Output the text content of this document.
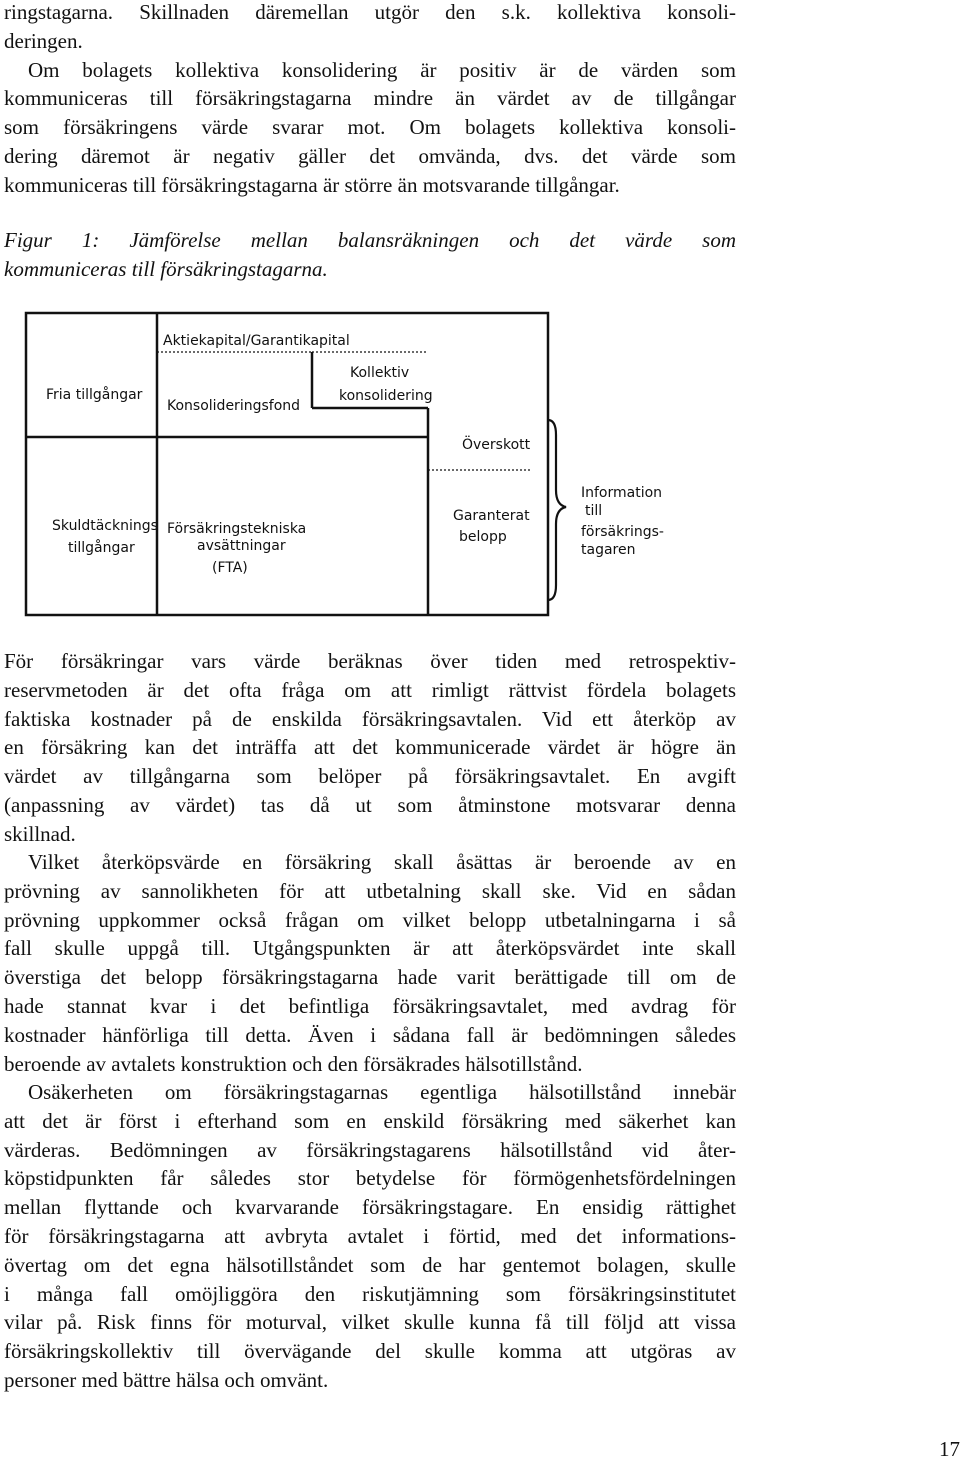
ringstagarna. Skillnaden däremellan utgör den s.k. kollektiva konsoli-
deringen.
Om bolagets kollektiva konsolidering är positiv är de värden som
kommuniceras till försäkringstagarna mindre än värdet av de tillgångar
som försäkringens värde svarar mot. Om bolagets kollektiva konsoli-
dering däremot är negativ gäller det omvända, dvs. det värde som
kommuniceras till försäkringstagarna är större än motsvarande tillgångar.
Figur 1: Jämförelse mellan balansräkningen och det värde som
kommuniceras till försäkringstagarna.
Aktiekapital/Garantikapital
Fria tillgångar
Konsolideringsfond
Kollektiv
konsolidering
Överskott
Skuldtäcknings
tillgångar
Försäkringstekniska
avsättningar
(FTA)
Garanterat
belopp
Information
till
försäkrings-
tagaren
För försäkringar vars värde beräknas över tiden med retrospektiv-
reservmetoden är det ofta fråga om att rimligt rättvist fördela bolagets
faktiska kostnader på de enskilda försäkringsavtalen. Vid ett återköp av
en försäkring kan det inträffa att det kommunicerade värdet är högre än
värdet av tillgångarna som belöper på försäkringsavtalet. En avgift
(anpassning av värdet) tas då ut som åtminstone motsvarar denna
skillnad.
Vilket återköpsvärde en försäkring skall åsättas är beroende av en
prövning av sannolikheten för att utbetalning skall ske. Vid en sådan
prövning uppkommer också frågan om vilket belopp utbetalningarna i så
fall skulle uppgå till. Utgångspunkten är att återköpsvärdet inte skall
överstiga det belopp försäkringstagarna hade varit berättigade till om de
hade stannat kvar i det befintliga försäkringsavtalet, med avdrag för
kostnader hänförliga till detta. Även i sådana fall är bedömningen således
beroende av avtalets konstruktion och den försäkrades hälsotillstånd.
Osäkerheten om försäkringstagarnas egentliga hälsotillstånd innebär
att det är först i efterhand som en enskild försäkring med säkerhet kan
värderas. Bedömningen av försäkringstagarens hälsotillstånd vid åter-
köpstidpunkten får således stor betydelse för förmögenhetsfördelningen
mellan flyttande och kvarvarande försäkringstagare. En ensidig rättighet
för försäkringstagarna att avbryta avtalet i förtid, med det informations-
övertag om det egna hälsotillståndet som de har gentemot bolagen, skulle
i många fall omöjliggöra den riskutjämning som försäkringsinstitutet
vilar på. Risk finns för moturval, vilket skulle kunna få till följd att vissa
försäkringskollektiv till övervägande del skulle komma att utgöras av
personer med bättre hälsa och omvänt.
17
